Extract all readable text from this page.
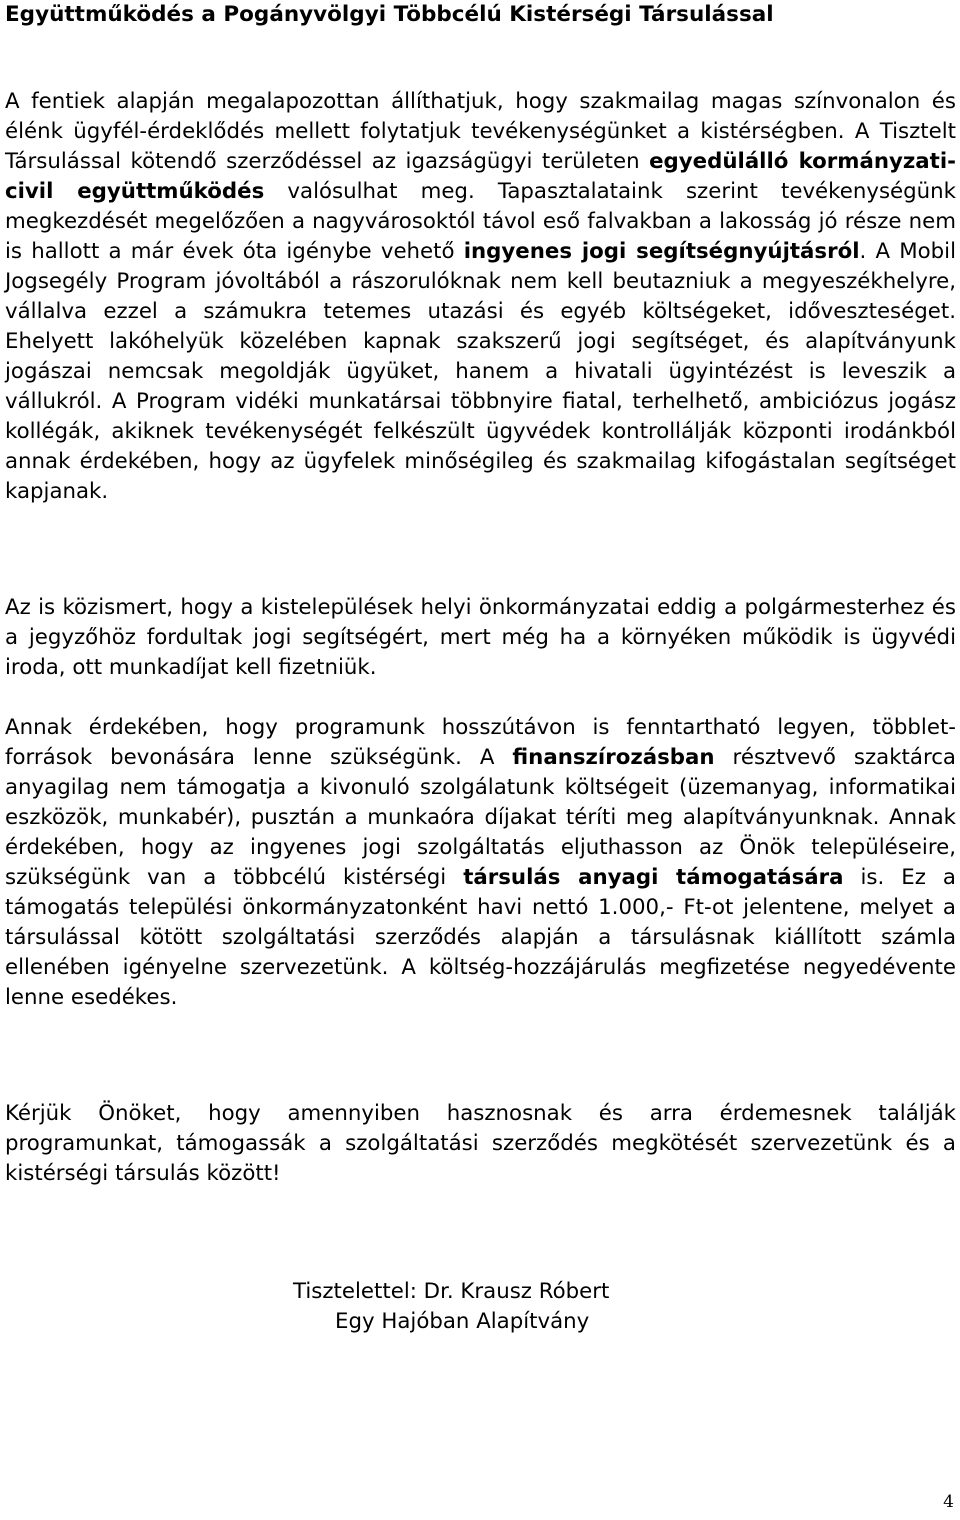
Együttműködés a Pogányvölgyi Többcélú Kistérségi Társulással

A fentiek alapján megalapozottan állíthatjuk, hogy szakmailag magas színvonalon és élénk ügyfél-érdeklődés mellett folytatjuk tevékenységünket a kistérségben. A Tisztelt Társulással kötendő szerződéssel az igazságügyi területen egyedülálló kormányzati-civil együttműködés valósulhat meg. Tapasztalataink szerint tevékenységünk megkezdését megelőzően a nagyvárosoktól távol eső falvakban a lakosság jó része nem is hallott a már évek óta igénybe vehető ingyenes jogi segítségnyújtásról. A Mobil Jogsegély Program jóvoltából a rászorulóknak nem kell beutazniuk a megyeszékhelyre, vállalva ezzel a számukra tetemes utazási és egyéb költségeket, időveszteséget. Ehelyett lakóhelyük közelében kapnak szakszerű jogi segítséget, és alapítványunk jogászai nemcsak megoldják ügyüket, hanem a hivatali ügyintézést is leveszik a vállukról. A Program vidéki munkatársai többnyire fiatal, terhelhető, ambiciózus jogász kollégák, akiknek tevékenységét felkészült ügyvédek kontrollálják központi irodánkból annak érdekében, hogy az ügyfelek minőségileg és szakmailag kifogástalan segítséget kapjanak.

Az is közismert, hogy a kistelepülések helyi önkormányzatai eddig a polgármesterhez és a jegyzőhöz fordultak jogi segítségért, mert még ha a környéken működik is ügyvédi iroda, ott munkadíjat kell fizetniük.

Annak érdekében, hogy programunk hosszútávon is fenntartható legyen, többlet-források bevonására lenne szükségünk. A finanszírozásban résztvevő szaktárca anyagilag nem támogatja a kivonuló szolgálatunk költségeit (üzemanyag, informatikai eszközök, munkabér), pusztán a munkaóra díjakat téríti meg alapítványunknak. Annak érdekében, hogy az ingyenes jogi szolgáltatás eljuthasson az Önök településeire, szükségünk van a többcélú kistérségi társulás anyagi támogatására is. Ez a támogatás települési önkormányzatonként havi nettó 1.000,- Ft-ot jelentene, melyet a társulással kötött szolgáltatási szerződés alapján a társulásnak kiállított számla ellenében igényelne szervezetünk. A költség-hozzájárulás megfizetése negyedévente lenne esedékes.

Kérjük Önöket, hogy amennyiben hasznosnak és arra érdemesnek találják programunkat, támogassák a szolgáltatási szerződés megkötését szervezetünk és a kistérségi társulás között!

Tisztelettel: Dr. Krausz Róbert
Egy Hajóban Alapítvány
4
